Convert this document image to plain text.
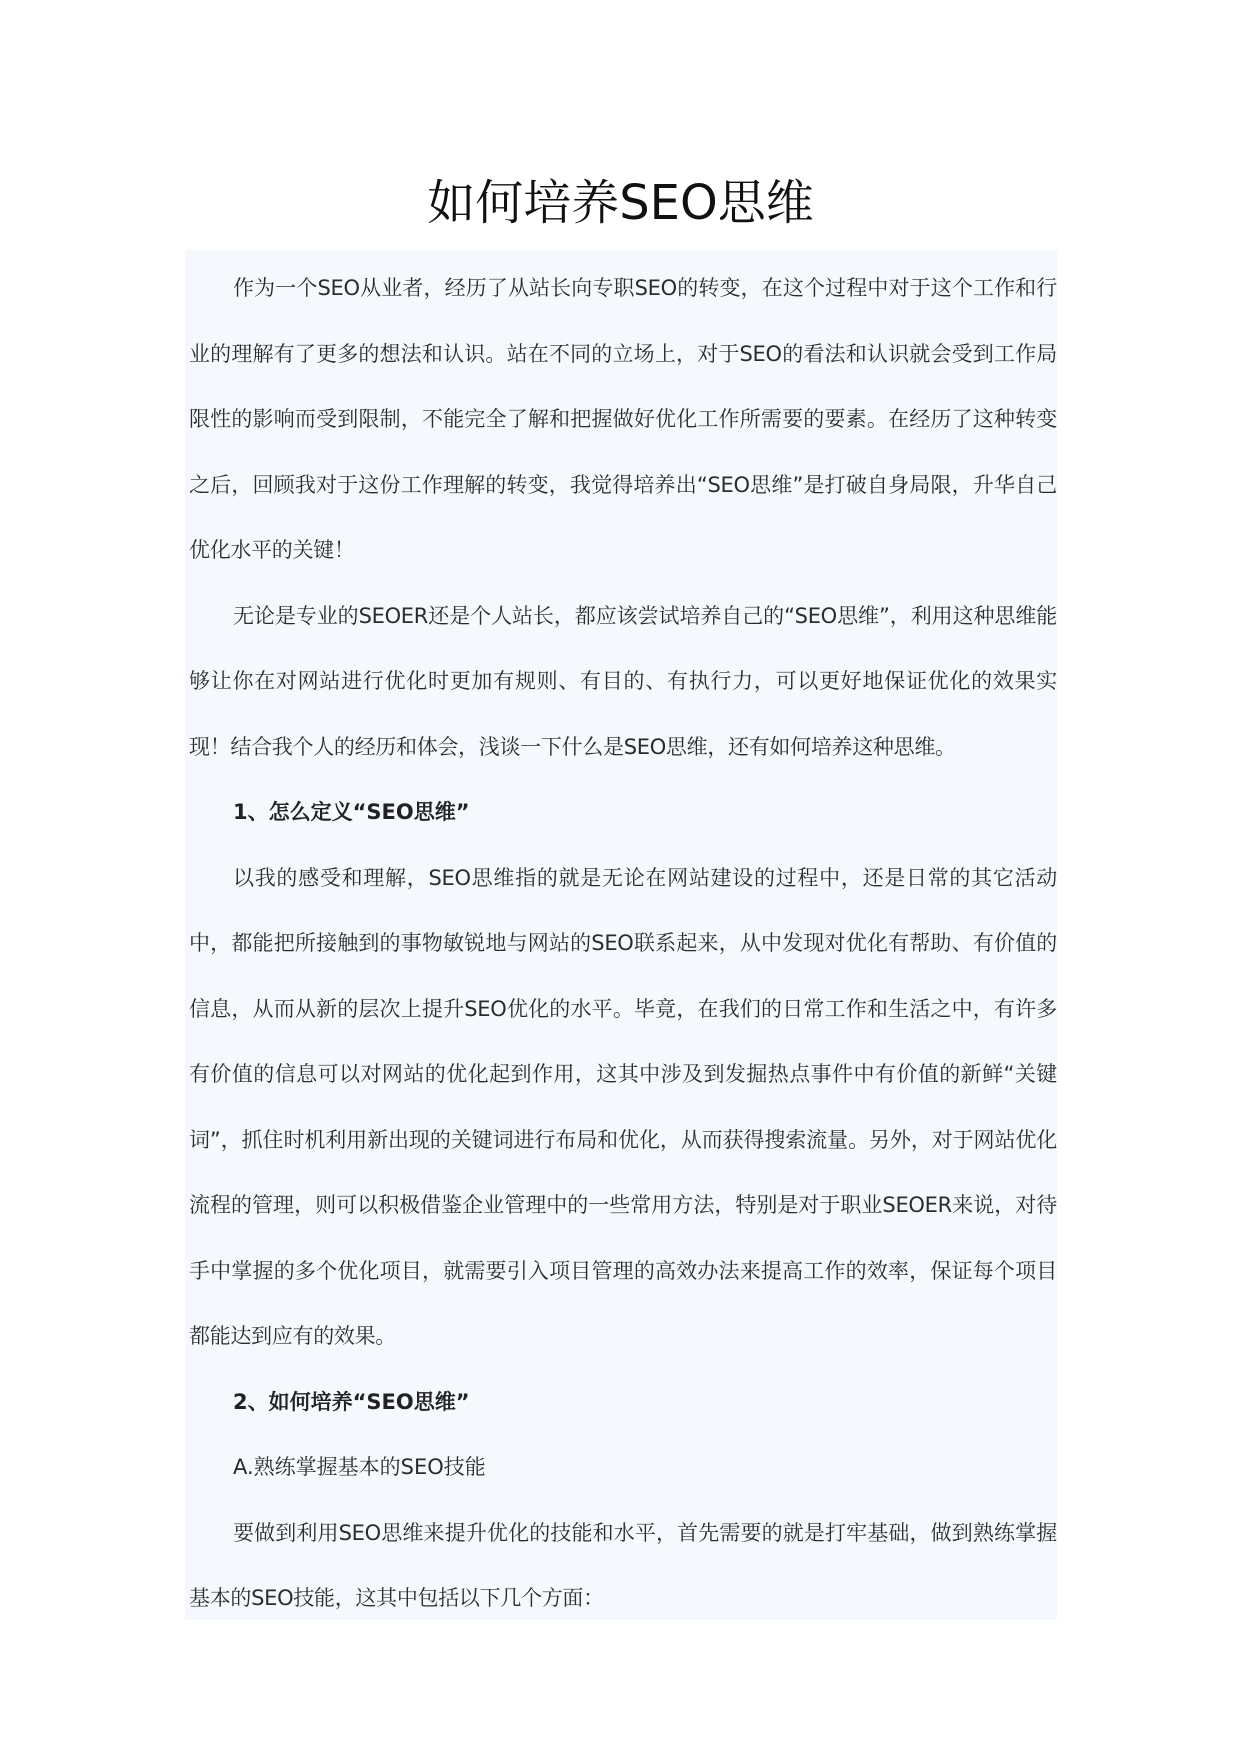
如何培养SEO思维

作为一个SEO从业者，经历了从站长向专职SEO的转变，在这个过程中对于这个工作和行业的理解有了更多的想法和认识。站在不同的立场上，对于SEO的看法和认识就会受到工作局限性的影响而受到限制，不能完全了解和把握做好优化工作所需要的要素。在经历了这种转变之后，回顾我对于这份工作理解的转变，我觉得培养出“SEO思维”是打破自身局限，升华自己优化水平的关键！

无论是专业的SEOER还是个人站长，都应该尝试培养自己的“SEO思维”，利用这种思维能够让你在对网站进行优化时更加有规则、有目的、有执行力，可以更好地保证优化的效果实现！结合我个人的经历和体会，浅谈一下什么是SEO思维，还有如何培养这种思维。

1、怎么定义“SEO思维”

以我的感受和理解，SEO思维指的就是无论在网站建设的过程中，还是日常的其它活动中，都能把所接触到的事物敏锐地与网站的SEO联系起来，从中发现对优化有帮助、有价值的信息，从而从新的层次上提升SEO优化的水平。毕竟，在我们的日常工作和生活之中，有许多有价值的信息可以对网站的优化起到作用，这其中涉及到发掘热点事件中有价值的新鲜“关键词”，抓住时机利用新出现的关键词进行布局和优化，从而获得搜索流量。另外，对于网站优化流程的管理，则可以积极借鉴企业管理中的一些常用方法，特别是对于职业SEOER来说，对待手中掌握的多个优化项目，就需要引入项目管理的高效办法来提高工作的效率，保证每个项目都能达到应有的效果。

2、如何培养“SEO思维”

A.熟练掌握基本的SEO技能

要做到利用SEO思维来提升优化的技能和水平，首先需要的就是打牢基础，做到熟练掌握基本的SEO技能，这其中包括以下几个方面：
